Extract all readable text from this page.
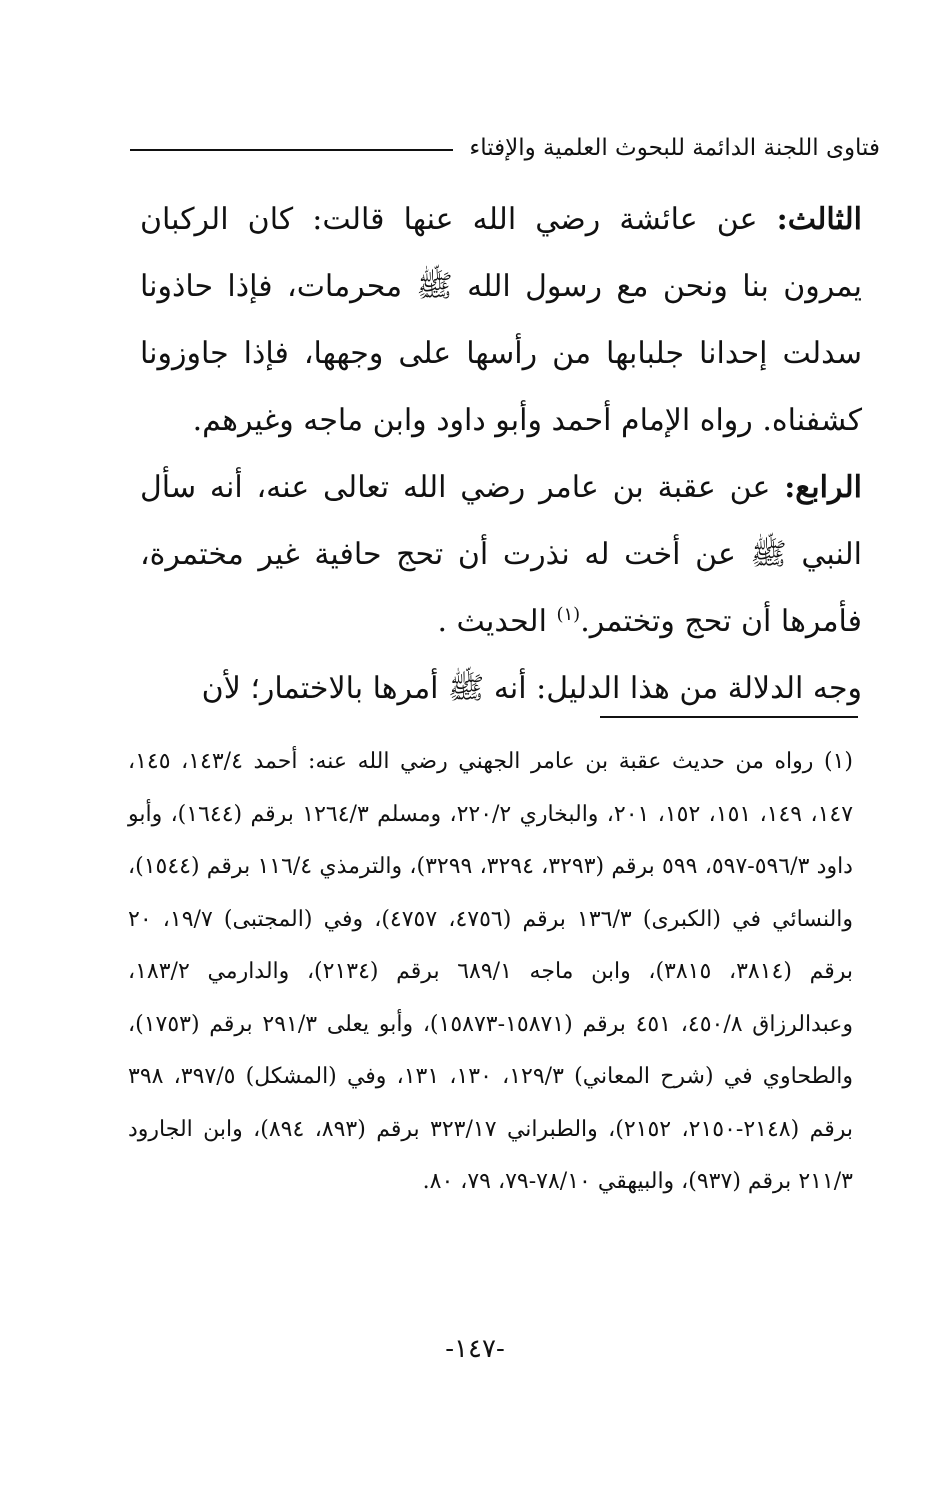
فتاوى اللجنة الدائمة للبحوث العلمية والإفتاء

الثالث: عن عائشة رضي الله عنها قالت: كان الركبان يمرون بنا ونحن مع رسول الله ﷺ محرمات، فإذا حاذونا سدلت إحدانا جلبابها من رأسها على وجهها، فإذا جاوزونا كشفناه. رواه الإمام أحمد وأبو داود وابن ماجه وغيرهم.

الرابع: عن عقبة بن عامر رضي الله تعالى عنه، أنه سأل النبي ﷺ عن أخت له نذرت أن تحج حافية غير مختمرة، فأمرها أن تحج وتختمر.$^{(١)}$ الحديث .

وجه الدلالة من هذا الدليل: أنه ﷺ أمرها بالاختمار؛ لأن

(١) رواه من حديث عقبة بن عامر الجهني رضي الله عنه: أحمد ١٤٣/٤، ١٤٥، ١٤٧، ١٤٩، ١٥١، ١٥٢، ٢٠١، والبخاري ٢٢٠/٢، ومسلم ١٢٦٤/٣ برقم (١٦٤٤)، وأبو داود ٥٩٦/٣-٥٩٧، ٥٩٩ برقم (٣٢٩٣، ٣٢٩٤، ٣٢٩٩)، والترمذي ١١٦/٤ برقم (١٥٤٤)، والنسائي في (الكبرى) ١٣٦/٣ برقم (٤٧٥٦، ٤٧٥٧)، وفي (المجتبى) ١٩/٧، ٢٠ برقم (٣٨١٤، ٣٨١٥)، وابن ماجه ٦٨٩/١ برقم (٢١٣٤)، والدارمي ١٨٣/٢، وعبدالرزاق ٤٥٠/٨، ٤٥١ برقم (١٥٨٧١-١٥٨٧٣)، وأبو يعلى ٢٩١/٣ برقم (١٧٥٣)، والطحاوي في (شرح المعاني) ١٢٩/٣، ١٣٠، ١٣١، وفي (المشكل) ٣٩٧/٥، ٣٩٨ برقم (٢١٤٨-٢١٥٠، ٢١٥٢)، والطبراني ٣٢٣/١٧ برقم (٨٩٣، ٨٩٤)، وابن الجارود ٢١١/٣ برقم (٩٣٧)، والبيهقي ٧٨/١٠-٧٩، ٧٩، ٨٠.

-١٤٧-
